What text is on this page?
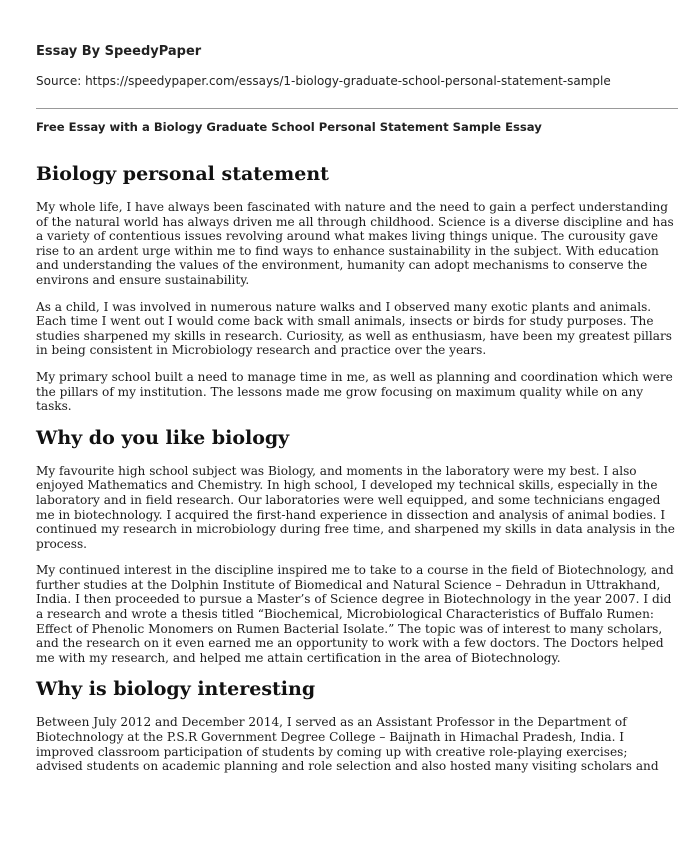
Essay By SpeedyPaper
Source: https://speedypaper.com/essays/1-biology-graduate-school-personal-statement-sample
Free Essay with a Biology Graduate School Personal Statement Sample Essay
Biology personal statement

My whole life, I have always been fascinated with nature and the need to gain a perfect understanding of the natural world has always driven me all through childhood. Science is a diverse discipline and has a variety of contentious issues revolving around what makes living things unique. The curousity gave rise to an ardent urge within me to find ways to enhance sustainability in the subject. With education and understanding the values of the environment, humanity can adopt mechanisms to conserve the environs and ensure sustainability.

As a child, I was involved in numerous nature walks and I observed many exotic plants and animals. Each time I went out I would come back with small animals, insects or birds for study purposes. The studies sharpened my skills in research. Curiosity, as well as enthusiasm, have been my greatest pillars in being consistent in Microbiology research and practice over the years.

My primary school built a need to manage time in me, as well as planning and coordination which were the pillars of my institution. The lessons made me grow focusing on maximum quality while on any tasks.

Why do you like biology

My favourite high school subject was Biology, and moments in the laboratory were my best. I also enjoyed Mathematics and Chemistry. In high school, I developed my technical skills, especially in the laboratory and in field research. Our laboratories were well equipped, and some technicians engaged me in biotechnology. I acquired the first-hand experience in dissection and analysis of animal bodies. I continued my research in microbiology during free time, and sharpened my skills in data analysis in the process.

My continued interest in the discipline inspired me to take to a course in the field of Biotechnology, and further studies at the Dolphin Institute of Biomedical and Natural Science – Dehradun in Uttrakhand, India. I then proceeded to pursue a Master’s of Science degree in Biotechnology in the year 2007. I did a research and wrote a thesis titled “Biochemical, Microbiological Characteristics of Buffalo Rumen: Effect of Phenolic Monomers on Rumen Bacterial Isolate.” The topic was of interest to many scholars, and the research on it even earned me an opportunity to work with a few doctors. The Doctors helped me with my research, and helped me attain certification in the area of Biotechnology.

Why is biology interesting

Between July 2012 and December 2014, I served as an Assistant Professor in the Department of Biotechnology at the P.S.R Government Degree College – Baijnath in Himachal Pradesh, India. I improved classroom participation of students by coming up with creative role-playing exercises; advised students on academic planning and role selection and also hosted many visiting scholars and
